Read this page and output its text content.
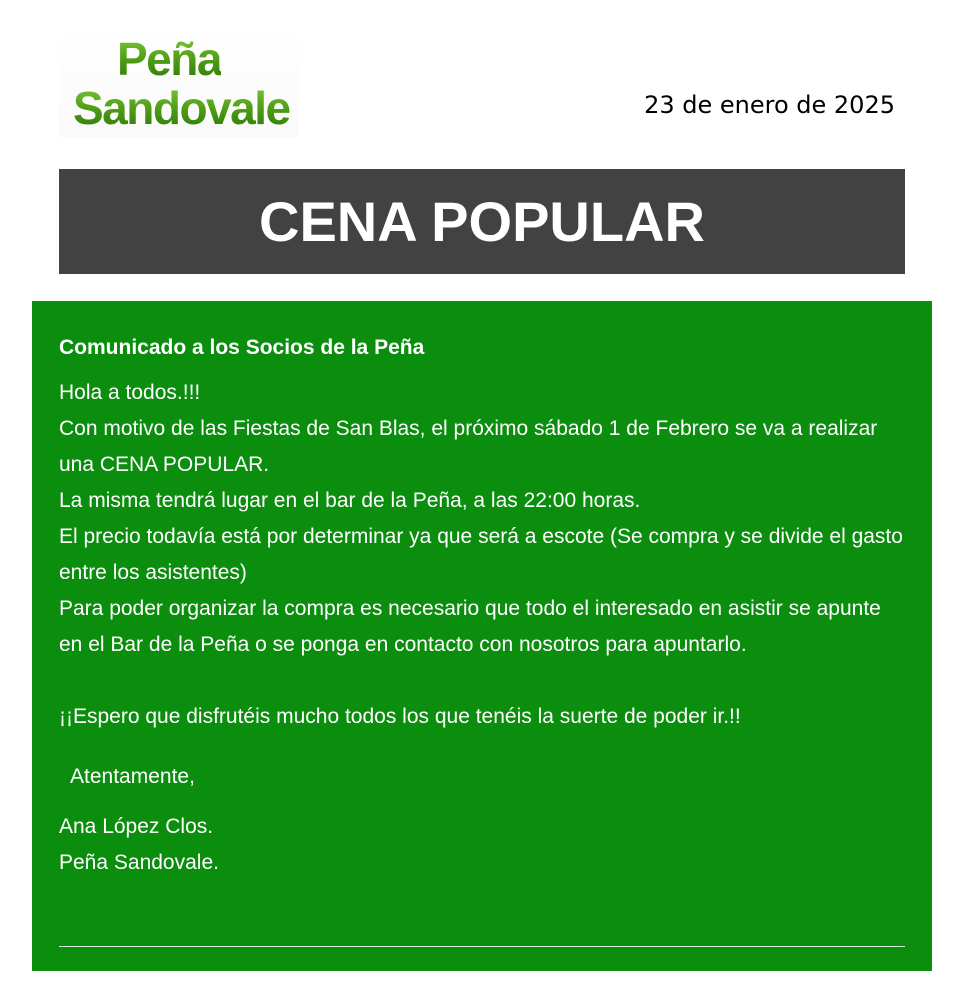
Peña
Sandovale	23 de enero de 2025
CENA POPULAR

Comunicado a los Socios de la Peña

Hola a todos.!!!

Con motivo de las Fiestas de San Blas, el próximo sábado 1 de Febrero se va a realizar una CENA POPULAR.

La misma tendrá lugar en el bar de la Peña, a las 22:00 horas.

El precio todavía está por determinar ya que será a escote (Se compra y se divide el gasto entre los asistentes)

Para poder organizar la compra es necesario que todo el interesado en asistir se apunte en el Bar de la Peña o se ponga en contacto con nosotros para apuntarlo.

¡¡Espero que disfrutéis mucho todos los que tenéis la suerte de poder ir.!!

Atentamente,

Ana López Clos.

Peña Sandovale.
